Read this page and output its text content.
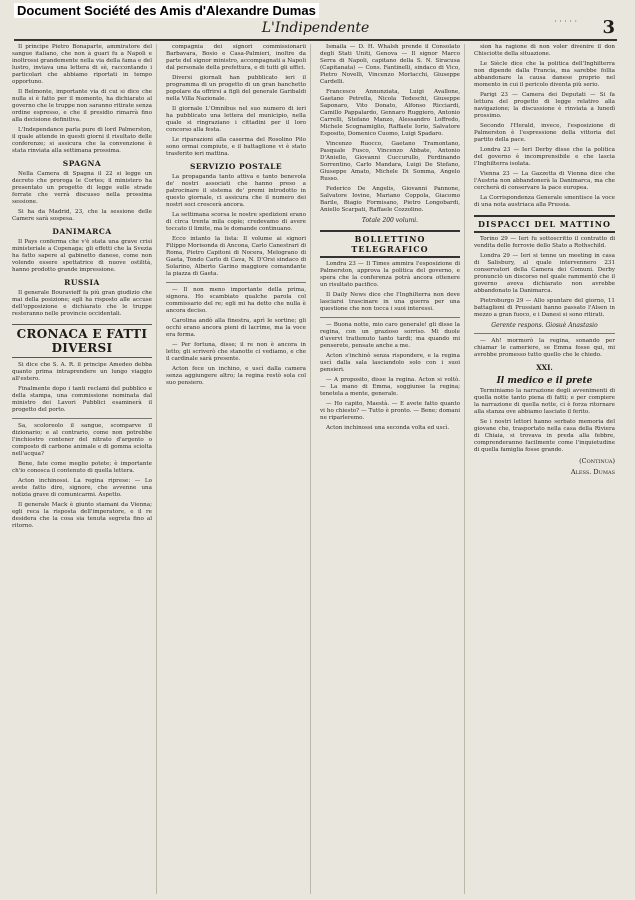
Document Société des Amis d'Alexandre Dumas
· · · · ·
L'Indipendente	3

Il principe Pietro Bonaparte, ammiratore del sangue italiano, che non à guari fu a Napoli e inoltrossi grandemente nella via della fama e del lustro, inviava una lettera di sè, raccontando i particolari che abbiamo riportati in tempo opportuno.

Il Belmonte, importante via di cui si dice che nulla si è fatto per il momento, ha dichiarato al governo che le truppe non saranno ritirate senza ordine espresso, e che il presidio rimarrà fino alla decisione definitiva.

L'Independance parla pure di lord Palmerston, il quale attende in questi giorni il risultato delle conferenze; si assicura che la convenzione è stata rinviata alla settimana prossima.

SPAGNA

Nella Camera di Spagna il 22 si legge un decreto che proroga le Cortes; il ministero ha presentato un progetto di legge sulle strade ferrate che verrà discusso nella prossima sessione.

Si ha da Madrid, 23, che la sessione delle Camere sarà sospesa.

DANIMARCA

Il Pays conferma che v'è stata una grave crisi ministeriale a Copenaga; gli effetti che la Svezia ha fatto sapere al gabinetto danese, come non volendo essere spettatrice di nuove ostilità, hanno prodotto grande impressione.

RUSSIA

Il generale Bouravieff fa più gran giudizio che mai della posizione; egli ha risposto alle accuse dell'opposizione e dichiarato che le truppe resteranno nelle provincie occidentali.

CRONACA E FATTI DIVERSI

Si dice che S. A. R. il principe Amedeo debba quanto prima intraprendere un lungo viaggio all'estero.

Finalmente dopo i tanti reclami del pubblico e della stampa, una commissione nominata dal ministro dei Lavori Pubblici esaminerà il progetto del porto.

Sa, scoloreolo il sangue, scomparve il dizionario; e al contrario, come non potrebbe l'inchiostro contener del nitrato d'argento o composto di carbone animale e di gomma sciolta nell'acqua?

Bene, fate come meglio potete; è importante ch'io conosca il contenuto di quella lettera.

Acton inchinossi. La regina riprese: — Lo avete fatto dire, signore, che avvenne una notizia grave di comunicarmi. Aspetto.

Il generale Mack è giunto stamani da Vienna; egli reca la risposta dell'imperatore, e il re desidera che la cosa sia tenuta segreta fino al ritorno.

compagnia dei signori commissionarii Barbavara, Bosio e Casa-Palmieri, inoltre da parte del signor ministro, accompagnati a Napoli dal personale della prefettura, e di tutti gli uffici.

Diversi giornali han pubblicato ieri il programma di un progetto di un gran banchetto popolare da offrirsi a figli del generale Garibaldi nella Villa Nazionale.

Il giornale L'Omnibus nel suo numero di ieri ha pubblicato una lettera del municipio, nella quale si ringraziano i cittadini per il loro concorso alla festa.

Le riparazioni alla caserma del Rosolino Pilo sono ormai compiute, e il battaglione vi è stato trasferito ieri mattina.

SERVIZIO POSTALE

La propaganda tanto attiva e tanto benevola de' nostri associati che hanno preso a patrocinare il sistema de' premi introdotto in questo giornale, ci assicura che il numero dei nostri soci crescerà ancora.

La settimana scorsa le nostre spedizioni erano di circa trenta mila copie; credevamo di avere toccato il limite, ma le domande continuano.

Ecco intanto la lista: Il volume ai signori Filippo Morisonda di Ancona, Carlo Canestrari di Roma, Pietro Capitoni di Nocera, Melograno di Gaeta, Tondo Carlo di Cava, N. D'Orsi sindaco di Solarino, Alberto Garino maggiore comandante la piazza di Gaeta.

— Il non meno importante della prima, signora. Ho scambiato qualche parola col commissario del re; egli mi ha detto che nulla è ancora deciso.

Carolina andò alla finestra, aprì le sortine; gli occhi erano ancora pieni di lacrime, ma la voce era ferma.

— Per fortuna, disse; il re non è ancora in letto; gli scriverò che stanotte ci vediamo, e che il cardinale sarà presente.

Acton fece un inchino, e uscì dalla camera senza aggiungere altro; la regina restò sola col suo pensiero.

Ismaila — D. H. Whalsh prende il Consolato degli Stati Uniti, Genova — Il signor Marco Serra di Napoli, capitano della S. N. Siracusa (Capitanata) — Cons. Fantinelli, sindaco di Vico, Pietro Novelli, Vincenzo Morlacchi, Giuseppe Cardelli.

Francesco Annunziata, Luigi Avallone, Gaetano Petrella, Nicola Tedeschi, Giuseppe Saponaro, Vito Donato, Alfonso Ricciardi, Camillo Pappalardo, Gennaro Ruggiero, Antonio Carrelli, Stefano Manzo, Alessandro Loffredo, Michele Scognamiglio, Raffaele Iorio, Salvatore Esposito, Domenico Cuomo, Luigi Spadaro.

Vincenzo Ruocco, Gaetano Tramontano, Pasquale Fusco, Vincenzo Abbate, Antonio D'Aniello, Giovanni Cuccurullo, Ferdinando Sorrentino, Carlo Mandara, Luigi De Stefano, Giuseppe Amato, Michele Di Somma, Angelo Russo.

Federico De Angelis, Giovanni Pannone, Salvatore Iovine, Mariano Coppola, Giacomo Barile, Biagio Formisano, Pietro Longobardi, Aniello Scarpati, Raffaele Cozzolino.

Totale 200 volumi.
BOLLETTINO TELEGRAFICO

Londra 23 — Il Times ammira l'esposizione di Palmerston, approva la politica del governo, e spera che la conferenza potrà ancora ottenere un risultato pacifico.

Il Daily News dice che l'Inghilterra non deve lasciarsi trascinare in una guerra per una questione che non tocca i suoi interessi.

— Buona notte, mio caro generale! gli disse la regina, con un grazioso sorriso. Mi duole d'avervi trattenuto tanto tardi; ma quando mi penserete, pensate anche a me.

Acton s'inchinò senza rispondere, e la regina uscì dalla sala lasciandolo solo con i suoi pensieri.

— A proposito, disse la regina. Acton si voltò. — La mano di Emma, soggiunse la regina; tenetela a mente, generale.

— Ho capito, Maestà. — E avete fatto quanto vi ho chiesto? — Tutto è pronto. — Bene; domani ne riparleremo.

Acton inchinossi una seconda volta ed uscì.

sion ha ragione di non voler divenire il don Chisciotte della situazione.

Le Siècle dice che la politica dell'Inghilterra non dipende dalla Francia, ma sarebbe follia abbandonare la causa danese proprio nel momento in cui il pericolo diventa più serio.

Parigi 23 — Camera dei Deputati — Si fa lettura del progetto di legge relativo alla navigazione; la discussione è rinviata a lunedì prossimo.

Secondo l'Herald, invece, l'esposizione di Palmerston è l'espressione della vittoria del partito della pace.

Londra 23 — Ieri Derby disse che la politica del governo è incomprensibile e che lascia l'Inghilterra isolata.

Vienna 23 — La Gazzetta di Vienna dice che l'Austria non abbandonerà la Danimarca, ma che cercherà di conservare la pace europea.

La Corrispondenza Generale smentisce la voce di una nota austriaca alla Prussia.

DISPACCI DEL MATTINO

Torino 29 — Ieri fu sottoscritto il contratto di vendita delle ferrovie dello Stato a Rothschild.

Londra 29 — Ieri si tenne un meeting in casa di Salisbury, al quale intervennero 231 conservatori della Camera dei Comuni. Derby pronunciò un discorso nel quale rammentò che il governo aveva dichiarato non avrebbe abbandonato la Danimarca.

Pietroburgo 29 — Allo spuntare del giorno, 11 battaglioni di Prussiani hanno passato l'Alsen in mezzo a gran fuoco, e i Danesi si sono ritirati.

Gerente respons. Giosuè Anastasio

— Ah! mormorò la regina, sonando per chiamar le cameriere, se Emma fosse qui, mi avrebbe promesso tutto quello che le chiedo.

XXI.
Il medico e il prete

Terminiamo la narrazione degli avvenimenti di quella notte tanto piena di fatti; e per compiere la narrazione di quella notte, ci è forza ritornare alla stanza ove abbiamo lasciato il ferito.

Se i nostri lettori hanno serbato memoria del giovane che, trasportato nella casa della Riviera di Chiaia, si trovava in preda alla febbre, comprenderanno facilmente come l'inquietudine di quella famiglia fosse grande.

(Continua)
Aless. Dumas
